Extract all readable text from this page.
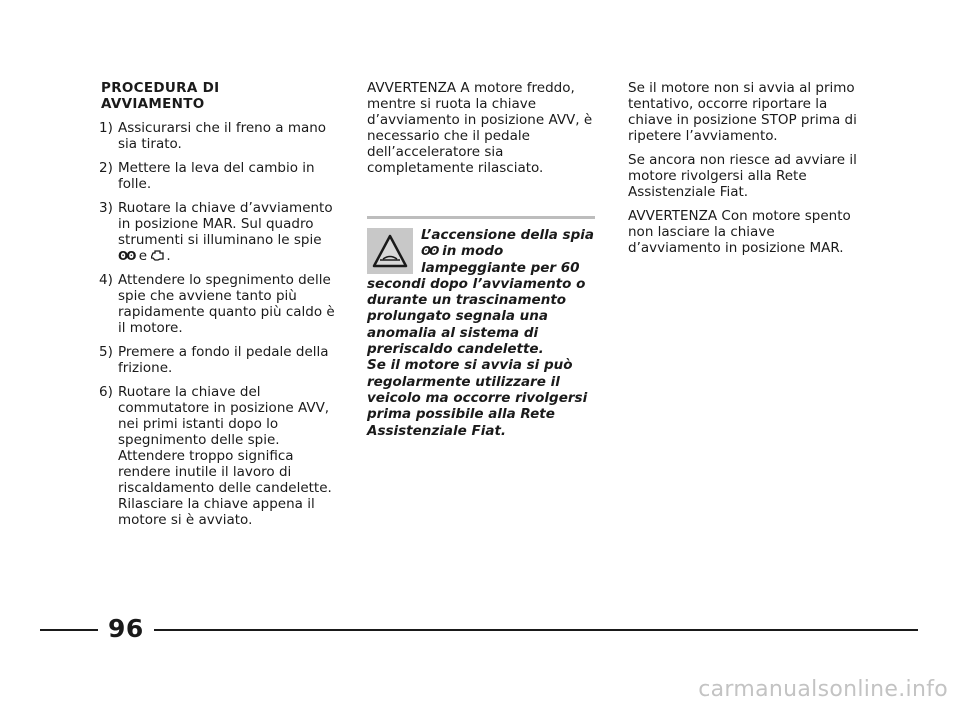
PROCEDURA DI
AVVIAMENTO
1) Assicurarsi che il freno a mano sia tirato.
2) Mettere la leva del cambio in folle.
3) Ruotare la chiave d’avviamento in posizione MAR. Sul quadro strumenti si illuminano le spie
ʘʘ e .
4) Attendere lo spegnimento delle spie che avviene tanto più rapidamente quanto più caldo è il motore.
5) Premere a fondo il pedale della frizione.
6) Ruotare la chiave del commutatore in posizione AVV, nei primi istanti dopo lo spegnimento delle spie. Attendere troppo significa rendere inutile il lavoro di riscaldamento delle candelette. Rilasciare la chiave appena il motore si è avviato.

AVVERTENZA A motore freddo, mentre si ruota la chiave d’avviamento in posizione AVV, è necessario che il pedale dell’acceleratore sia completamente rilasciato.

L’accensione della spia ʘʘ in modo lampeggiante per 60 secondi dopo l’avviamento o durante un trascinamento prolungato segnala una anomalia al sistema di preriscaldo candelette.
Se il motore si avvia si può regolarmente utilizzare il veicolo ma occorre rivolgersi prima possibile alla Rete Assistenziale Fiat.

Se il motore non si avvia al primo tentativo, occorre riportare la chiave in posizione STOP prima di ripetere l’avviamento.

Se ancora non riesce ad avviare il motore rivolgersi alla Rete Assistenziale Fiat.

AVVERTENZA Con motore spento non lasciare la chiave d’avviamento in posizione MAR.

96
carmanualsonline.info
